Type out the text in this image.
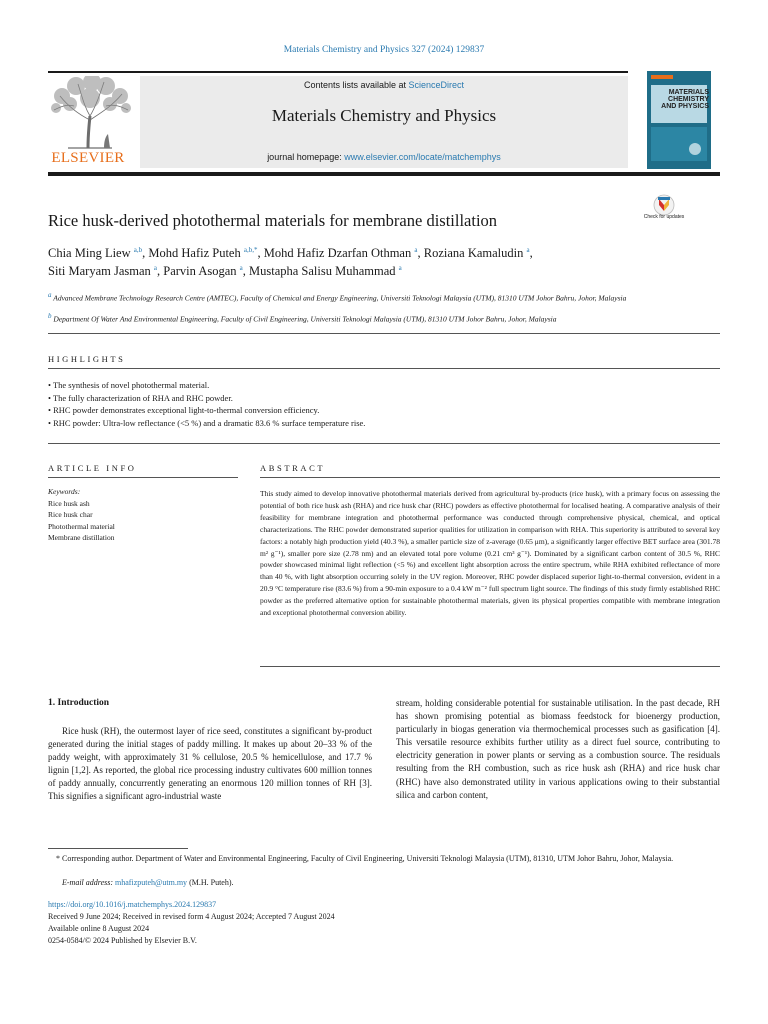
Materials Chemistry and Physics 327 (2024) 129837
ELSEVIER
Contents lists available at ScienceDirect
Materials Chemistry and Physics
journal homepage: www.elsevier.com/locate/matchemphys
MATERIALS CHEMISTRY AND PHYSICS
Rice husk-derived photothermal materials for membrane distillation	Check for updates
Chia Ming Liew $^{a,b}$, Mohd Hafiz Puteh $^{a,b,*}$, Mohd Hafiz Dzarfan Othman $^a$, Roziana Kamaludin $^a$,
Siti Maryam Jasman $^a$, Parvin Asogan $^a$, Mustapha Salisu Muhammad $^a$
$^a$ Advanced Membrane Technology Research Centre (AMTEC), Faculty of Chemical and Energy Engineering, Universiti Teknologi Malaysia (UTM), 81310 UTM Johor Bahru, Johor, Malaysia
$^b$ Department Of Water And Environmental Engineering, Faculty of Civil Engineering, Universiti Teknologi Malaysia (UTM), 81310 UTM Johor Bahru, Johor, Malaysia
HIGHLIGHTS
• The synthesis of novel photothermal material.
• The fully characterization of RHA and RHC powder.
• RHC powder demonstrates exceptional light-to-thermal conversion efficiency.
• RHC powder: Ultra-low reflectance (<5 %) and a dramatic 83.6 % surface temperature rise.
ARTICLE INFO
Keywords:
Rice husk ash
Rice husk char
Photothermal material
Membrane distillation
ABSTRACT

This study aimed to develop innovative photothermal materials derived from agricultural by-products (rice husk), with a primary focus on assessing the potential of both rice husk ash (RHA) and rice husk char (RHC) powders as effective photothermal for localised heating. A comparative analysis of their feasibility for membrane integration and photothermal performance was conducted through comprehensive physical, chemical, and optical characterizations. The RHC powder demonstrated superior qualities for utilization in comparison with RHA. This superiority is attributed to several key factors: a notably high production yield (40.3 %), a smaller particle size of z-average (0.65 μm), a significantly larger effective BET surface area (301.78 m² g⁻¹), smaller pore size (2.78 nm) and an elevated total pore volume (0.21 cm³ g⁻¹). Dominated by a significant carbon content of 30.5 %, RHC powder showcased minimal light reflection (<5 %) and excellent light absorption across the entire spectrum, while RHA exhibited reflectance of more than 40 %, with light absorption occurring solely in the UV region. Moreover, RHC powder displaced superior light-to-thermal conversion, evident in a 20.9 °C temperature rise (83.6 %) from a 90-min exposure to a 0.4 kW m⁻² full spectrum light source. The findings of this study firmly established RHC powder as the preferred alternative option for sustainable photothermal materials, given its physical properties compatible with membrane integration and exceptional photothermal conversion ability.

1. Introduction

Rice husk (RH), the outermost layer of rice seed, constitutes a significant by-product generated during the initial stages of paddy milling. It makes up about 20–33 % of the paddy weight, with approximately 31 % cellulose, 20.5 % hemicellulose, and 17.7 % lignin [1,2]. As reported, the global rice processing industry cultivates 600 million tonnes of paddy annually, concurrently generating an enormous 120 million tonnes of RH [3]. This signifies a significant agro-industrial waste

stream, holding considerable potential for sustainable utilisation. In the past decade, RH has shown promising potential as biomass feedstock for bioenergy production, particularly in biogas generation via thermochemical processes such as gasification [4]. This versatile resource exhibits further utility as a direct fuel source, contributing to electricity generation in power plants or serving as a combustion source. The residuals resulting from the RH combustion, such as rice husk ash (RHA) and rice husk char (RHC) have also demonstrated utility in various applications owing to their substantial silica and carbon content,

* Corresponding author. Department of Water and Environmental Engineering, Faculty of Civil Engineering, Universiti Teknologi Malaysia (UTM), 81310, UTM Johor Bahru, Johor, Malaysia.
E-mail address: mhafizputeh@utm.my (M.H. Puteh).
https://doi.org/10.1016/j.matchemphys.2024.129837
Received 9 June 2024; Received in revised form 4 August 2024; Accepted 7 August 2024
Available online 8 August 2024
0254-0584/© 2024 Published by Elsevier B.V.
